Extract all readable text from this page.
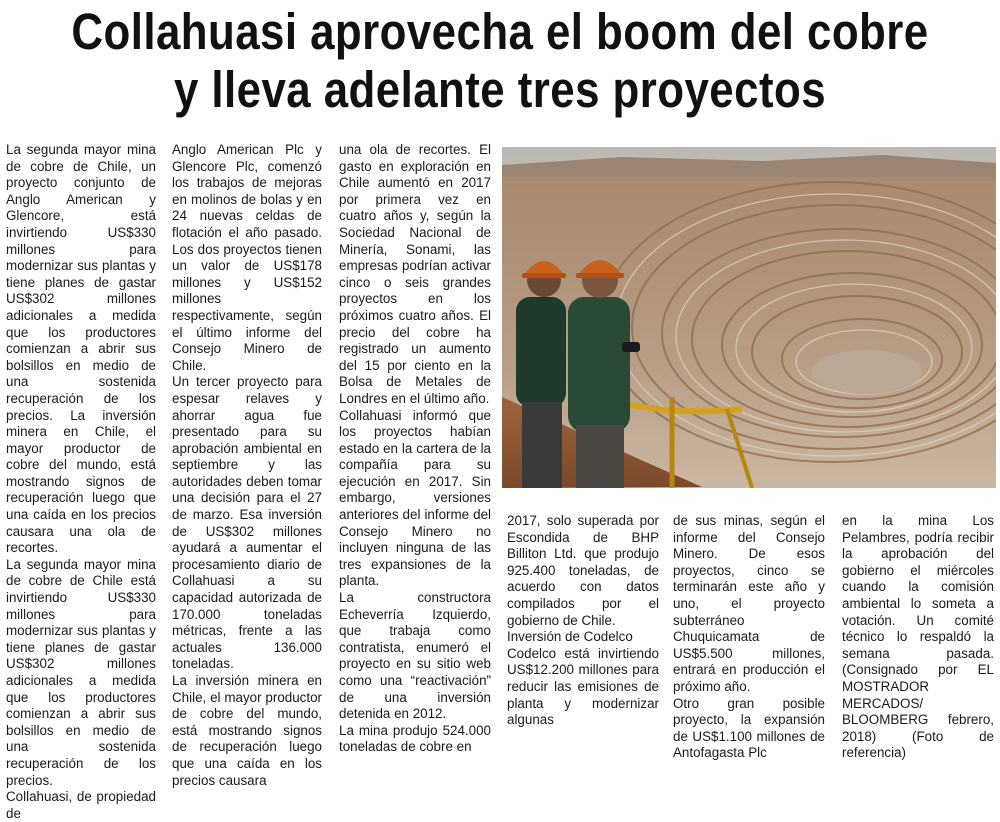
Collahuasi aprovecha el boom del cobre
y lleva adelante tres proyectos

La segunda mayor mina de cobre de Chile, un proyecto conjunto de Anglo American y Glencore, está invirtiendo US$330 millones para modernizar sus plantas y tiene planes de gastar US$302 millones adicionales a medida que los productores comienzan a abrir sus bolsillos en medio de una sostenida recuperación de los precios. La inversión minera en Chile, el mayor productor de cobre del mundo, está mostrando signos de recuperación luego que una caída en los precios causara una ola de recortes.

La segunda mayor mina de cobre de Chile está invirtiendo US$330 millones para modernizar sus plantas y tiene planes de gastar US$302 millones adicionales a medida que los productores comienzan a abrir sus bolsillos en medio de una sostenida recuperación de los precios.

Collahuasi, de propiedad de

Anglo American Plc y Glencore Plc, comenzó los trabajos de mejoras en molinos de bolas y en 24 nuevas celdas de flotación el año pasado. Los dos proyectos tienen un valor de US$178 millones y US$152 millones respectivamente, según el último informe del Consejo Minero de Chile.

Un tercer proyecto para espesar relaves y ahorrar agua fue presentado para su aprobación ambiental en septiembre y las autoridades deben tomar una decisión para el 27 de marzo. Esa inversión de US$302 millones ayudará a aumentar el procesamiento diario de Collahuasi a su capacidad autorizada de 170.000 toneladas métricas, frente a las actuales 136.000 toneladas.

La inversión minera en Chile, el mayor productor de cobre del mundo, está mostrando signos de recuperación luego que una caída en los precios causara

una ola de recortes. El gasto en exploración en Chile aumentó en 2017 por primera vez en cuatro años y, según la Sociedad Nacional de Minería, Sonami, las empresas podrían activar cinco o seis grandes proyectos en los próximos cuatro años. El precio del cobre ha registrado un aumento del 15 por ciento en la Bolsa de Metales de Londres en el último año.

Collahuasi informó que los proyectos habían estado en la cartera de la compañía para su ejecución en 2017. Sin embargo, versiones anteriores del informe del Consejo Minero no incluyen ninguna de las tres expansiones de la planta.

La constructora Echeverría Izquierdo, que trabaja como contratista, enumeró el proyecto en su sitio web como una “reactivación” de una inversión detenida en 2012.

La mina produjo 524.000 toneladas de cobre en

2017, solo superada por Escondida de BHP Billiton Ltd. que produjo 925.400 toneladas, de acuerdo con datos compilados por el gobierno de Chile.

Inversión de Codelco

Codelco está invirtiendo US$12.200 millones para reducir las emisiones de planta y modernizar algunas

de sus minas, según el informe del Consejo Minero. De esos proyectos, cinco se terminarán este año y uno, el proyecto subterráneo Chuquicamata de US$5.500 millones, entrará en producción el próximo año.

Otro gran posible proyecto, la expansión de US$1.100 millones de Antofagasta Plc

en la mina Los Pelambres, podría recibir la aprobación del gobierno el miércoles cuando la comisión ambiental lo someta a votación. Un comité técnico lo respaldó la semana pasada. (Consignado por EL MOSTRADOR MERCADOS/ BLOOMBERG febrero, 2018) (Foto de referencia)
